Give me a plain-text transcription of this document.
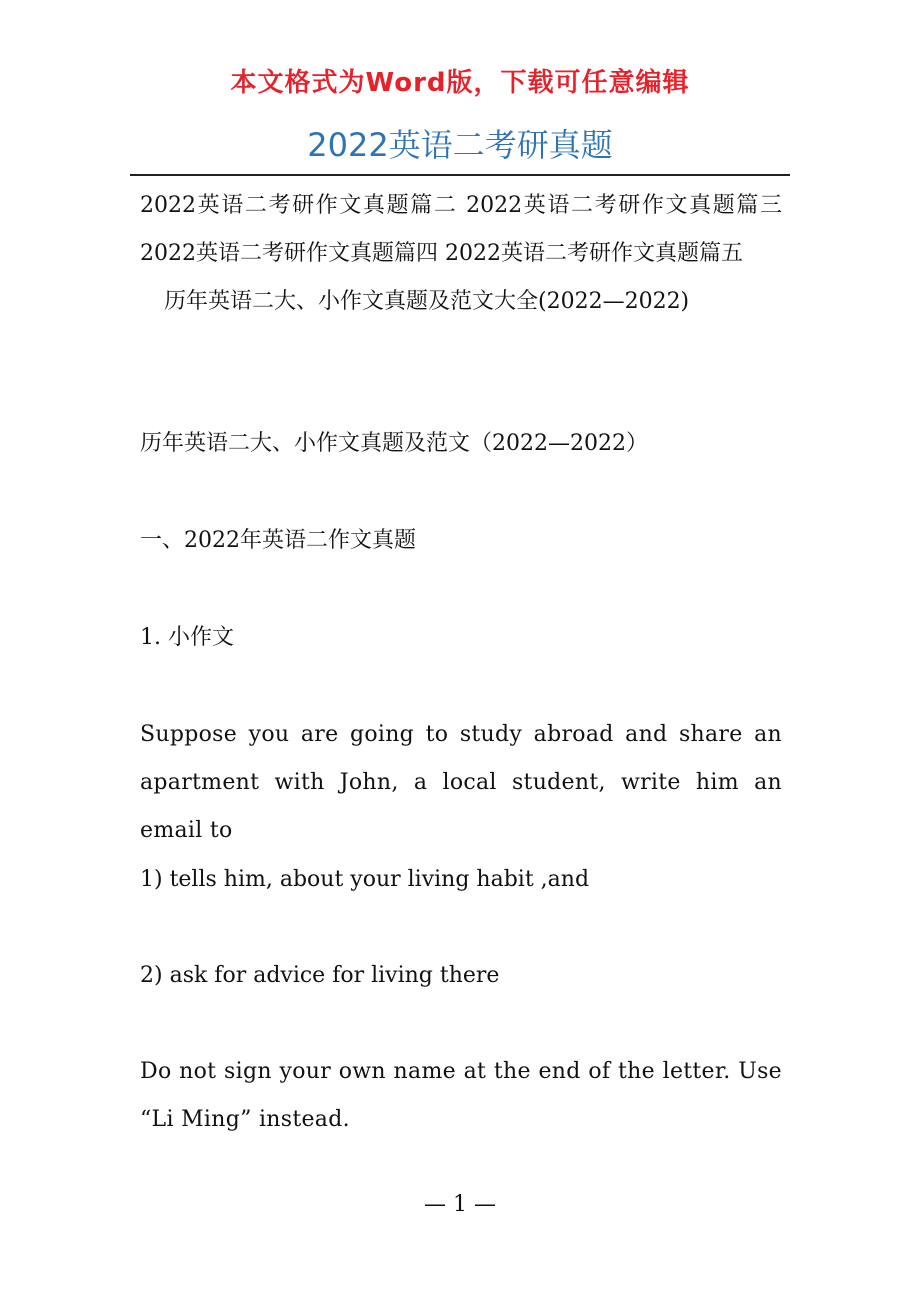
本文格式为Word版，下载可任意编辑
2022英语二考研真题

2022英语二考研作文真题篇二 2022英语二考研作文真题篇三 2022英语二考研作文真题篇四 2022英语二考研作文真题篇五

历年英语二大、小作文真题及范文大全(2022—2022)

历年英语二大、小作文真题及范文（2022—2022）

一、2022年英语二作文真题

1. 小作文

Suppose you are going to study abroad and share an apartment with John, a local student, write him an email to

1) tells him, about your living habit ,and

2) ask for advice for living there

Do not sign your own name at the end of the letter. Use “Li Ming” instead.

— 1 —
